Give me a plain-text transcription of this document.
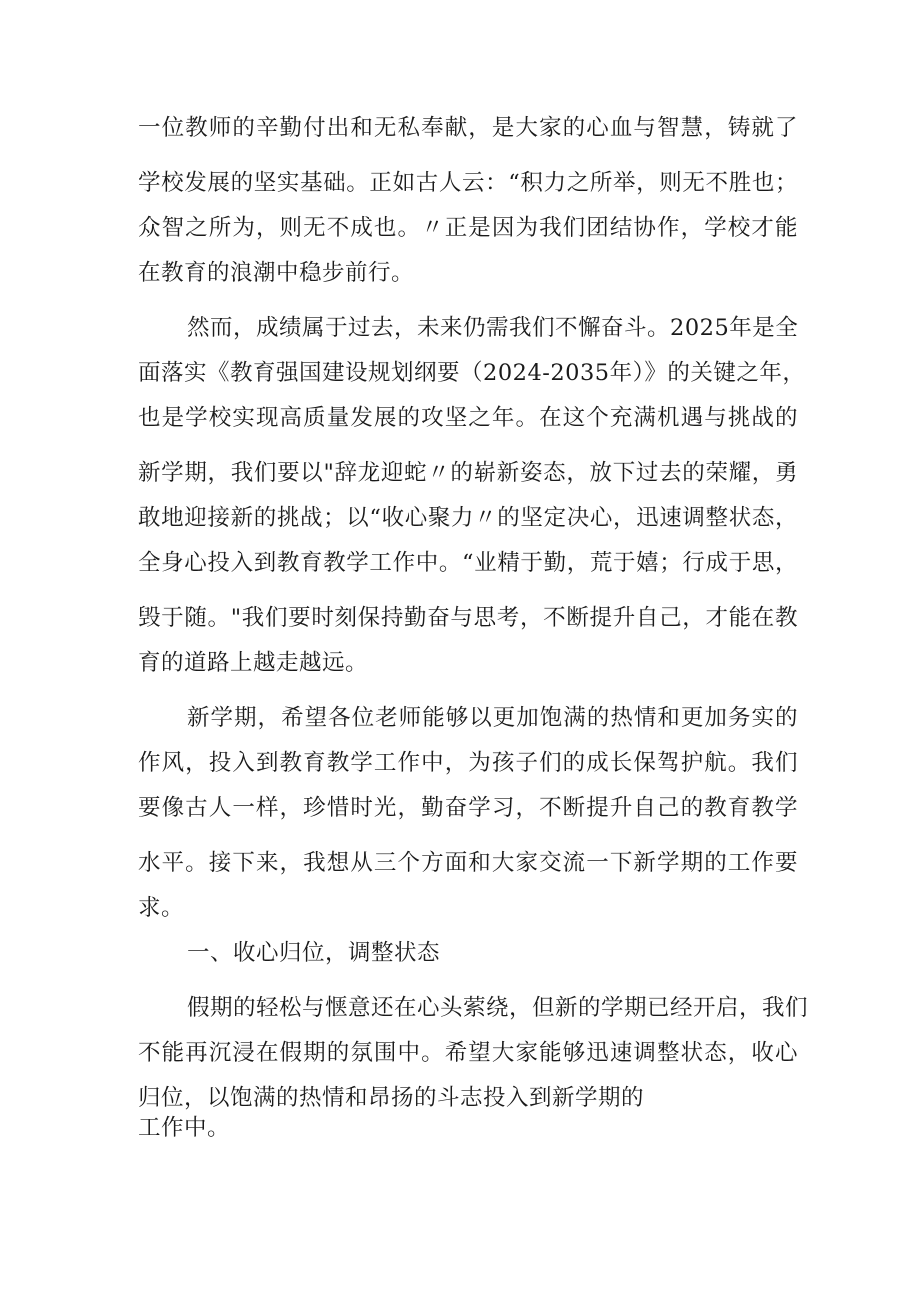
一位教师的辛勤付出和无私奉献，是大家的心血与智慧，铸就了
学校发展的坚实基础。正如古人云：“积力之所举，则无不胜也；
众智之所为，则无不成也。〃正是因为我们团结协作，学校才能
在教育的浪潮中稳步前行。
然而，成绩属于过去，未来仍需我们不懈奋斗。2025年是全
面落实《教育强国建设规划纲要（2024-2035年）》的关键之年，
也是学校实现高质量发展的攻坚之年。在这个充满机遇与挑战的
新学期，我们要以"辞龙迎蛇〃的崭新姿态，放下过去的荣耀，勇
敢地迎接新的挑战；以“收心聚力〃的坚定决心，迅速调整状态，
全身心投入到教育教学工作中。“业精于勤，荒于嬉；行成于思，
毁于随。"我们要时刻保持勤奋与思考，不断提升自己，才能在教
育的道路上越走越远。
新学期，希望各位老师能够以更加饱满的热情和更加务实的
作风，投入到教育教学工作中，为孩子们的成长保驾护航。我们
要像古人一样，珍惜时光，勤奋学习，不断提升自己的教育教学
水平。接下来，我想从三个方面和大家交流一下新学期的工作要
求。
一、收心归位，调整状态
假期的轻松与惬意还在心头萦绕，但新的学期已经开启，我们
不能再沉浸在假期的氛围中。希望大家能够迅速调整状态，收心
归位，以饱满的热情和昂扬的斗志投入到新学期的
工作中。
